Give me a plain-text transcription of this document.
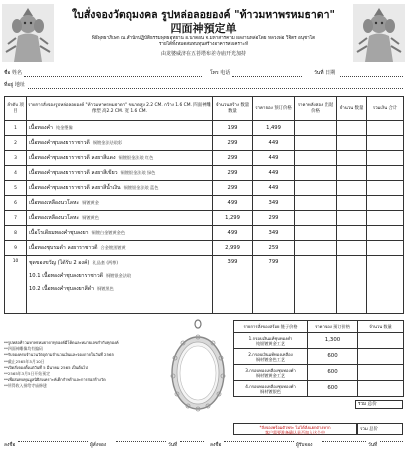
ใบสั่งจองวัตถุมงคล รูปหล่อลอยองค์ "ท้าวมหาพรหมธาดา"
四面神預定单
พิธีพุทธาภิเษก ณ.สำนักปฏิบัติธรรมพุทธอุทยาน อ.นาดอน จ.มหาสารคาม ผลงานหล่อโดย หลวงพ่อ วิจิตร อนุชาโต
รายได้ทั้งหมดสมทบทุนสร้างอาคารสงเคราะห์
由龙婆威济在五苔塔布差寺庙开光加持
ชื่อ 姓名	โทร 电话	วันที่ 日期
ที่อยู่ 地址
ลำดับ 项目	รายการสั่งจองรูปหล่อลอยองค์ "ท้าวมหาพรหมธาดา" ขนาดสูง 2.2 CM. กว้าง 1.6 CM. 四面神雕像塑 高2.2 CM. 宽 1.6 CM.	จำนวนสร้าง 数量数量	ราคาจอง 预订价格	ราคาหลังสอง 出诞价格	จำนวน 数量	รวมเงิน 合计
1	เนื้อทองคำ 纯金塑像	199	1,499			
2	เนื้อทองคำชุบลงยาราชาวดี 铜镀金法珐琅彩	299	449			
3	เนื้อทองคำชุบลงยาราชาวดี ลงยาสีแดง 铜镀银金法琅 红色	299	449			
4	เนื้อทองคำชุบลงยาราชาวดี ลงยาสีเขียว 铜镀银金法琅 绿色	299	449			
5	เนื้อทองคำชุบลงยาราชาวดี ลงยาสีน้ำเงิน 铜镀银金法琅 蓝色	299	449			
6	เนื้อทองเหลืองนวโลหะ 铜镀黄金	499	349			
7	เนื้อทองเหลืองนวโลหะ 铜镀黄色	1,299	299			
8	เนื้อโรเดียมทองคำชุบลงยา 铜镀白金镀黄金色	499	349			
9	เนื้อทองชุบรมดำ ลงยาราชาวดี 合金镀黑镀黄	2,999	259			
10	ชุดของขวัญ (ได้รับ 2 องค์) 礼品套 (两尊)
10.1 เนื้อทองคำชุบลงยาราชาวดี 铜镀银金法琅
10.2 เนื้อทองคำชุบลงยาสีดำ 铜镀黑色	399	799			
รวม 总价
**รูปหล่อท้าวมหาพรหมธาดาทุกองค์มีโค้ดและหมายเลขกำกับทุกองค์
**四面神雕像均有编码
**รับจองครบจำนวนวัตถุตามจำนวนเงินและจองภายในวันที่ 2565
**截止2565年5月10日
**เปิดสั่งจองตั้งแต่วันที่ 5 มีนาคม 2565 เป็นต้นไป
**2565年3月5日开始预定
**เพื่อสมทบทุนมูลนิธิสงเคราะห์เด็กกำพร้าและการก่อสร้างวัด
**所得收入捐给寺庙修建
รายการสั่งของสร้อย 链子价格	ราคาจอง 预订价格	จำนวน 数量

1.กรอบเงินแท้ชุบทองคำ
纯银镀黄金工艺	1,300	

2.กรอบเงินแท้ทองเหลือง
铜材镀金色工艺	600	

3.กรอบทองเหลืองชุบทองคำ
铜材镀黄金工艺	600	

4.กรอบทองเหลืองชุบทองคำ
铜材镀银色	600	
*สั่งจองพร้อมตัวพระ ไม่ได้สั่งแยกต่างหาก
客户需要准备确认是否加入这个中
รวม 总价
ลงชื่อ	ผู้สั่งจอง	วันที่	ลงชื่อ	ผู้รับจอง	วันที่
